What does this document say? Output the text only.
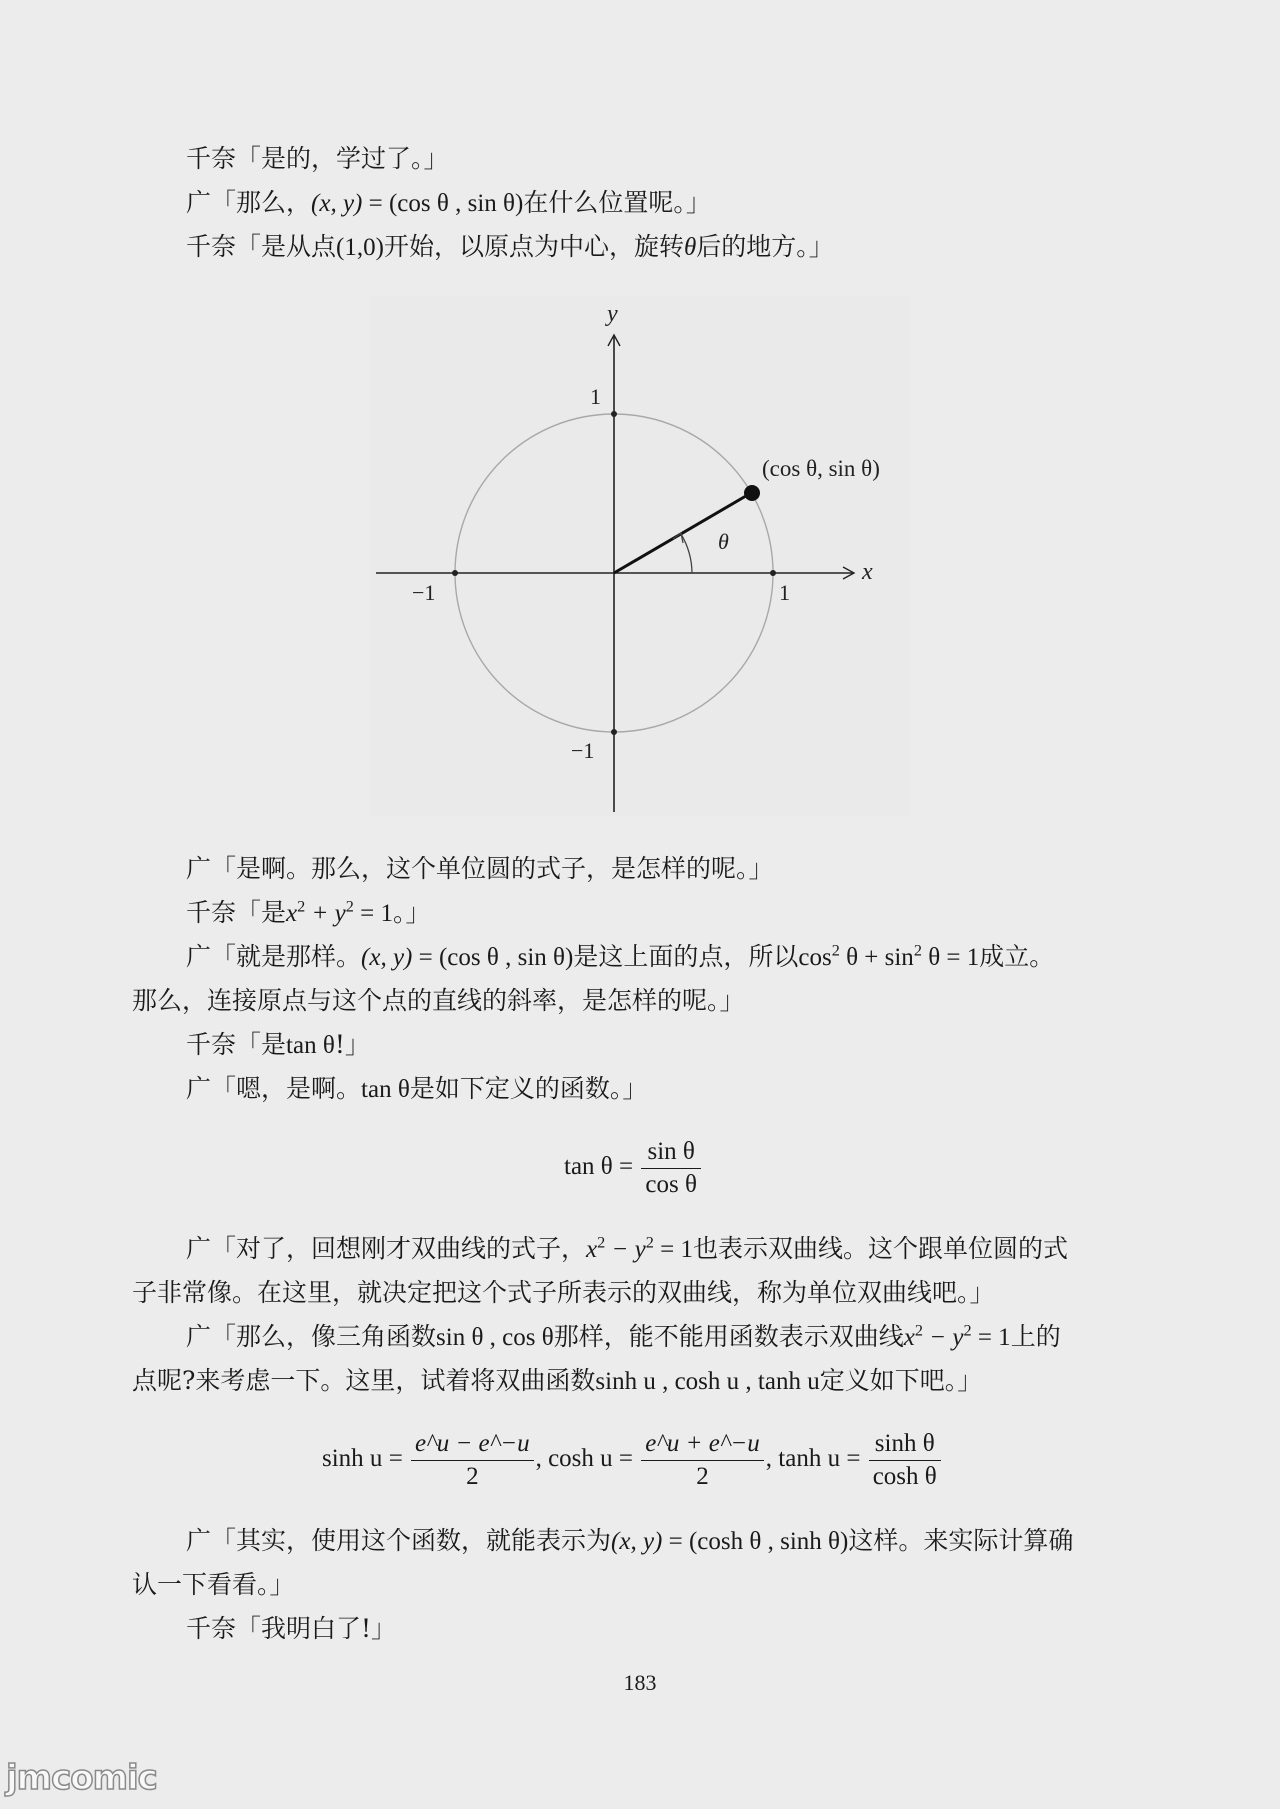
千奈「是的，学过了。」
广「那么，(x, y) = (cos θ , sin θ)在什么位置呢。」
千奈「是从点(1,0)开始，以原点为中心，旋转θ后的地方。」
y
x
1
−1
1
−1
(cos θ, sin θ)
θ
广「是啊。那么，这个单位圆的式子，是怎样的呢。」
千奈「是$x^2 + y^2 = 1$。」
广「就是那样。(x, y) = (cos θ , sin θ)是这上面的点，所以$\cos^2 \theta + \sin^2 \theta = 1$成立。
那么，连接原点与这个点的直线的斜率，是怎样的呢。」
千奈「是tan θ!」
广「嗯，是啊。tan θ是如下定义的函数。」
$\tan \theta = \frac{\text{sin θ}}{\text{cos θ}}$
广「对了，回想刚才双曲线的式子，$x^2 - y^2 = 1$也表示双曲线。这个跟单位圆的式
子非常像。在这里，就决定把这个式子所表示的双曲线，称为单位双曲线吧。」
广「那么，像三角函数sin θ , cos θ那样，能不能用函数表示双曲线$x^2 - y^2 = 1$上的
点呢?来考虑一下。这里，试着将双曲函数sinh u , cosh u , tanh u定义如下吧。」
$\sinh u = \frac{e\^{}u - e\^{}-u}{2}$ , $\cosh u = \frac{e\^{}u + e\^{}-u}{2}$ , $\tanh u = \frac{\text{sinh θ}}{\text{cosh θ}}$
广「其实，使用这个函数，就能表示为(x, y) = (cosh θ , sinh θ)这样。来实际计算确
认一下看看。」
千奈「我明白了!」
183
jmcomic
